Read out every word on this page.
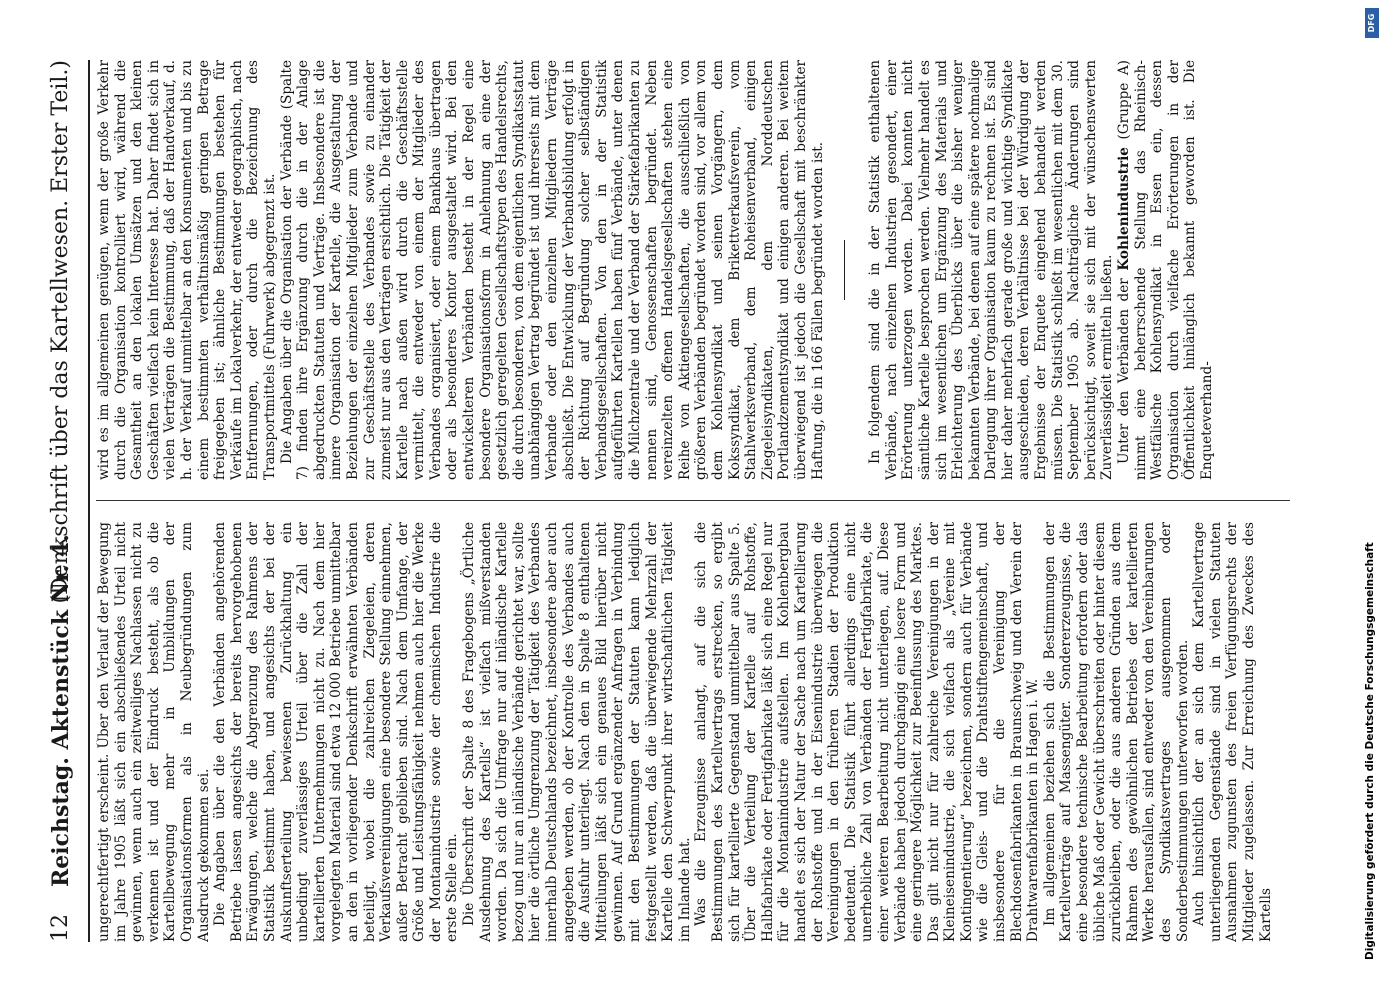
12
Reichstag. Aktenstück Nr. 4.
(Denkschrift über das Kartellwesen. Erster Teil.)

ungerechtfertigt erscheint. Über den Verlauf der Bewegung im Jahre 1905 läßt sich ein abschließendes Urteil nicht gewinnen, wenn auch ein zeitweiliges Nachlassen nicht zu verkennen ist und der Eindruck besteht, als ob die Kartellbewegung mehr in Umbildungen der Organisationsformen als in Neubegründungen zum Ausdruck gekommen sei. Die Angaben über die den Verbänden angehörenden Betriebe lassen angesichts der bereits hervorgehobenen Erwägungen, welche die Abgrenzung des Rahmens der Statistik bestimmt haben, und angesichts der bei der Auskunftserteilung bewiesenen Zurückhaltung ein unbedingt zuverlässiges Urteil über die Zahl der kartellierten Unternehmungen nicht zu. Nach dem hier vorgelegten Material sind etwa 12 000 Betriebe unmittelbar an den in vorliegender Denkschrift erwähnten Verbänden beteiligt, wobei die zahlreichen Ziegeleien, deren Verkaufsvereinigungen eine besondere Stellung einnehmen, außer Betracht geblieben sind. Nach dem Umfange, der Größe und Leistungsfähigkeit nehmen auch hier die Werke der Montanindustrie sowie der chemischen Industrie die erste Stelle ein. Die Überschrift der Spalte 8 des Fragebogens „Örtliche Ausdehnung des Kartells“ ist vielfach mißverstanden worden. Da sich die Umfrage nur auf inländische Kartelle bezog und nur an inländische Verbände gerichtet war, sollte hier die örtliche Umgrenzung der Tätigkeit des Verbandes innerhalb Deutschlands bezeichnet, insbesondere aber auch angegeben werden, ob der Kontrolle des Verbandes auch die Ausfuhr unterliegt. Nach den in Spalte 8 enthaltenen Mitteilungen läßt sich ein genaues Bild hierüber nicht gewinnen. Auf Grund ergänzender Anfragen in Verbindung mit den Bestimmungen der Statuten kann lediglich festgestellt werden, daß die überwiegende Mehrzahl der Kartelle den Schwerpunkt ihrer wirtschaftlichen Tätigkeit im Inlande hat. Was die Erzeugnisse anlangt, auf die sich die Bestimmungen des Kartellvertrags erstrecken, so ergibt sich für kartellierte Gegenstand unmittelbar aus Spalte 5. Über die Verteilung der Kartelle auf Rohstoffe, Halbfabrikate oder Fertigfabrikate läßt sich eine Regel nur für die Montanindustrie aufstellen. Im Kohlenbergbau handelt es sich der Natur der Sache nach um Kartellierung der Rohstoffe und in der Eisenindustrie überwiegen die Vereinigungen in den früheren Stadien der Produktion bedeutend. Die Statistik führt allerdings eine nicht unerhebliche Zahl von Verbänden der Fertigfabrikate, die einer weiteren Bearbeitung nicht unterliegen, auf. Diese Verbände haben jedoch durchgängig eine losere Form und eine geringere Möglichkeit zur Beeinflussung des Marktes. Das gilt nicht nur für zahlreiche Vereinigungen in der Kleineisenindustrie, die sich vielfach als „Vereine mit Kontingentierung“ bezeichnen, sondern auch für Verbände wie die Gleis- und die Drahtstiftengemeinschaft, und insbesondere für die Vereinigung der Blechdosenfabrikanten in Braunschweig und den Verein der Drahtwarenfabrikanten in Hagen i. W. Im allgemeinen beziehen sich die Bestimmungen der Kartellverträge auf Massengüter. Sondererzeugnisse, die eine besondere technische Bearbeitung erfordern oder das übliche Maß oder Gewicht überschreiten oder hinter diesem zurückbleiben, oder die aus anderen Gründen aus dem Rahmen des gewöhnlichen Betriebes der kartellierten Werke herausfallen, sind entweder von den Vereinbarungen des Syndikatsvertrages ausgenommen oder Sonderbestimmungen unterworfen worden. Auch hinsichtlich der an sich dem Kartellvertrage unterliegenden Gegenstände sind in vielen Statuten Ausnahmen zugunsten des freien Verfügungsrechts der Mitglieder zugelassen. Zur Erreichung des Zweckes des Kartells

wird es im allgemeinen genügen, wenn der große Verkehr durch die Organisation kontrolliert wird, während die Gesamtheit an den lokalen Umsätzen und den kleinen Geschäften vielfach kein Interesse hat. Daher findet sich in vielen Verträgen die Bestimmung, daß der Handverkauf, d. h. der Verkauf unmittelbar an den Konsumenten und bis zu einem bestimmten verhältnismäßig geringen Betrage freigegeben ist; ähnliche Bestimmungen bestehen für Verkäufe im Lokalverkehr, der entweder geographisch, nach Entfernungen, oder durch die Bezeichnung des Transportmittels (Fuhrwerk) abgegrenzt ist. Die Angaben über die Organisation der Verbände (Spalte 7) finden ihre Ergänzung durch die in der Anlage abgedruckten Statuten und Verträge. Insbesondere ist die innere Organisation der Kartelle, die Ausgestaltung der Beziehungen der einzelnen Mitglieder zum Verbande und zur Geschäftsstelle des Verbandes sowie zu einander zumeist nur aus den Verträgen ersichtlich. Die Tätigkeit der Kartelle nach außen wird durch die Geschäftsstelle vermittelt, die entweder von einem der Mitglieder des Verbandes organisiert, oder einem Bankhaus übertragen oder als besonderes Kontor ausgestaltet wird. Bei den entwickelteren Verbänden besteht in der Regel eine besondere Organisationsform in Anlehnung an eine der gesetzlich geregelten Gesellschaftstypen des Handelsrechts, die durch besonderen, von dem eigentlichen Syndikatsstatut unabhängigen Vertrag begründet ist und ihrerseits mit dem Verbande oder den einzelnen Mitgliedern Verträge abschließt. Die Entwicklung der Verbandsbildung erfolgt in der Richtung auf Begründung solcher selbständigen Verbandsgesellschaften. Von den in der Statistik aufgeführten Kartellen haben fünf Verbände, unter denen die Milchzentrale und der Verband der Stärkefabrikanten zu nennen sind, Genossenschaften begründet. Neben vereinzelten offenen Handelsgesellschaften stehen eine Reihe von Aktiengesellschaften, die ausschließlich von größeren Verbänden begründet worden sind, vor allem von dem Kohlensyndikat und seinen Vorgängern, dem Kokssyndikat, dem Brikettverkaufsverein, vom Stahlwerksverband, dem Roheisenverband, einigen Ziegeleisyndikaten, dem Norddeutschen Portlandzementsyndikat und einigen anderen. Bei weitem überwiegend ist jedoch die Gesellschaft mit beschränkter Haftung, die in 166 Fällen begründet worden ist.	In folgendem sind die in der Statistik enthaltenen Verbände, nach einzelnen Industrien gesondert, einer Erörterung unterzogen worden. Dabei konnten nicht sämtliche Kartelle besprochen werden. Vielmehr handelt es sich im wesentlichen um Ergänzung des Materials und Erleichterung des Überblicks über die bisher weniger bekannten Verbände, bei denen auf eine spätere nochmalige Darlegung ihrer Organisation kaum zu rechnen ist. Es sind hier daher mehrfach gerade große und wichtige Syndikate ausgeschieden, deren Verhältnisse bei der Würdigung der Ergebnisse der Enquete eingehend behandelt werden müssen. Die Statistik schließt im wesentlichen mit dem 30. September 1905 ab. Nachträgliche Änderungen sind berücksichtigt, soweit sie sich mit der wünschenswerten Zuverlässigkeit ermitteln ließen. Unter den Verbänden der Kohlenindustrie (Gruppe A) nimmt eine beherrschende Stellung das Rheinisch-Westfälische Kohlensyndikat in Essen ein, dessen Organisation durch vielfache Erörterungen in der Öffentlichkeit hinlänglich bekannt geworden ist. Die Enqueteverhand-

DFG
Digitalisierung gefördert durch die Deutsche Forschungsgemeinschaft
